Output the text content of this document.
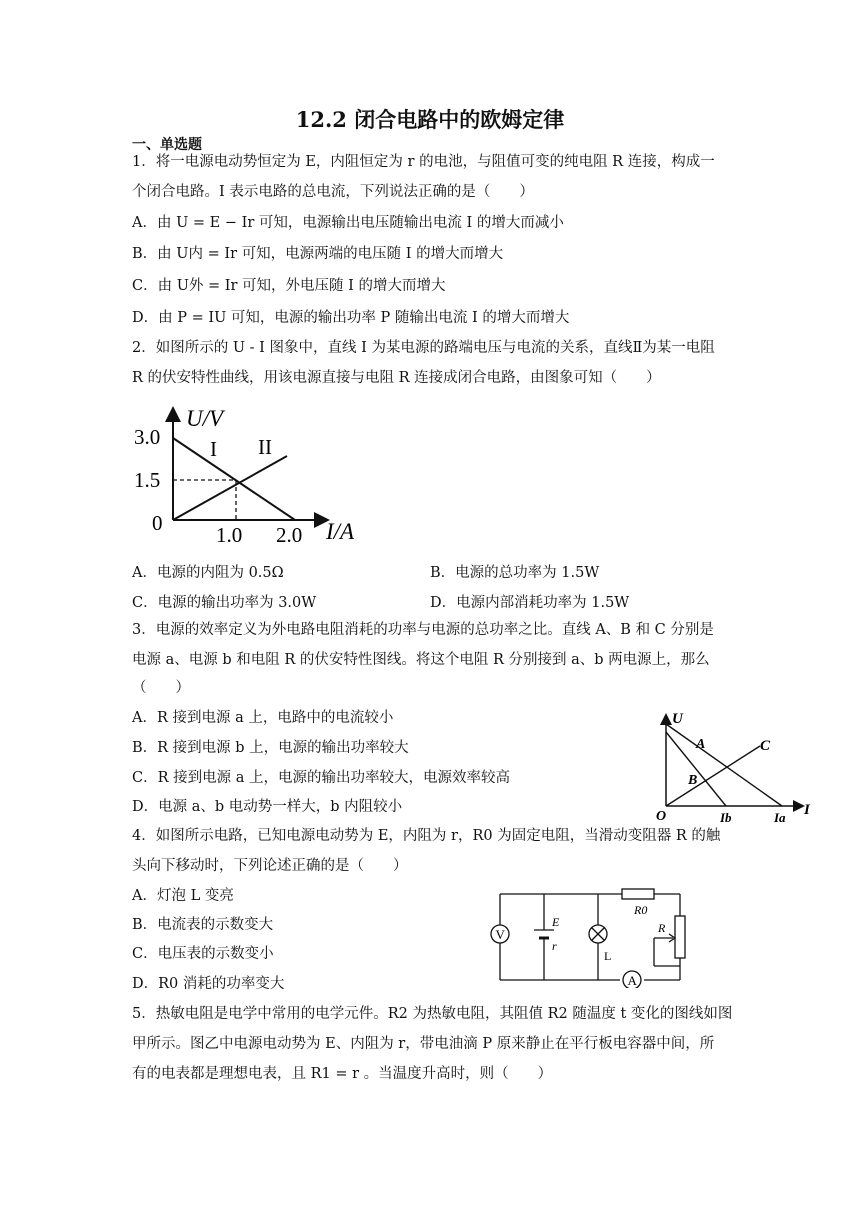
12.2 闭合电路中的欧姆定律
一、单选题
1．将一电源电动势恒定为 E，内阻恒定为 r 的电池，与阻值可变的纯电阻 R 连接，构成一
个闭合电路。I 表示电路的总电流，下列说法正确的是（　　）
A．由 U = E − Ir 可知，电源输出电压随输出电流 I 的增大而减小
B．由 U内 = Ir 可知，电源两端的电压随 I 的增大而增大
C．由 U外 = Ir 可知，外电压随 I 的增大而增大
D．由 P = IU 可知，电源的输出功率 P 随输出电流 I 的增大而增大
2．如图所示的 U - I 图象中，直线 I 为某电源的路端电压与电流的关系，直线Ⅱ为某一电阻
R 的伏安特性曲线，用该电源直接与电阻 R 连接成闭合电路，由图象可知（　　）
U/V
3.0
1.5
0	1.0 2.0 I/A
I II
A．电源的内阻为 0.5Ω	B．电源的总功率为 1.5W
C．电源的输出功率为 3.0W	D．电源内部消耗功率为 1.5W
3．电源的效率定义为外电路电阻消耗的功率与电源的总功率之比。直线 A、B 和 C 分别是
电源 a、电源 b 和电阻 R 的伏安特性图线。将这个电阻 R 分别接到 a、b 两电源上，那么
（　　）
A．R 接到电源 a 上，电路中的电流较小
B．R 接到电源 b 上，电源的输出功率较大
C．R 接到电源 a 上，电源的输出功率较大，电源效率较高
D．电源 a、b 电动势一样大，b 内阻较小
U
I
O
A
B
C
Ib	Ia
4．如图所示电路，已知电源电动势为 E，内阻为 r，R0 为固定电阻，当滑动变阻器 R 的触
头向下移动时，下列论述正确的是（　　）
A．灯泡 L 变亮
B．电流表的示数变大
C．电压表的示数变小
D．R0 消耗的功率变大
V
E
r
L
R0
R
A
5．热敏电阻是电学中常用的电学元件。R2 为热敏电阻，其阻值 R2 随温度 t 变化的图线如图
甲所示。图乙中电源电动势为 E、内阻为 r，带电油滴 P 原来静止在平行板电容器中间，所
有的电表都是理想电表，且 R1 = r 。当温度升高时，则（　　）
